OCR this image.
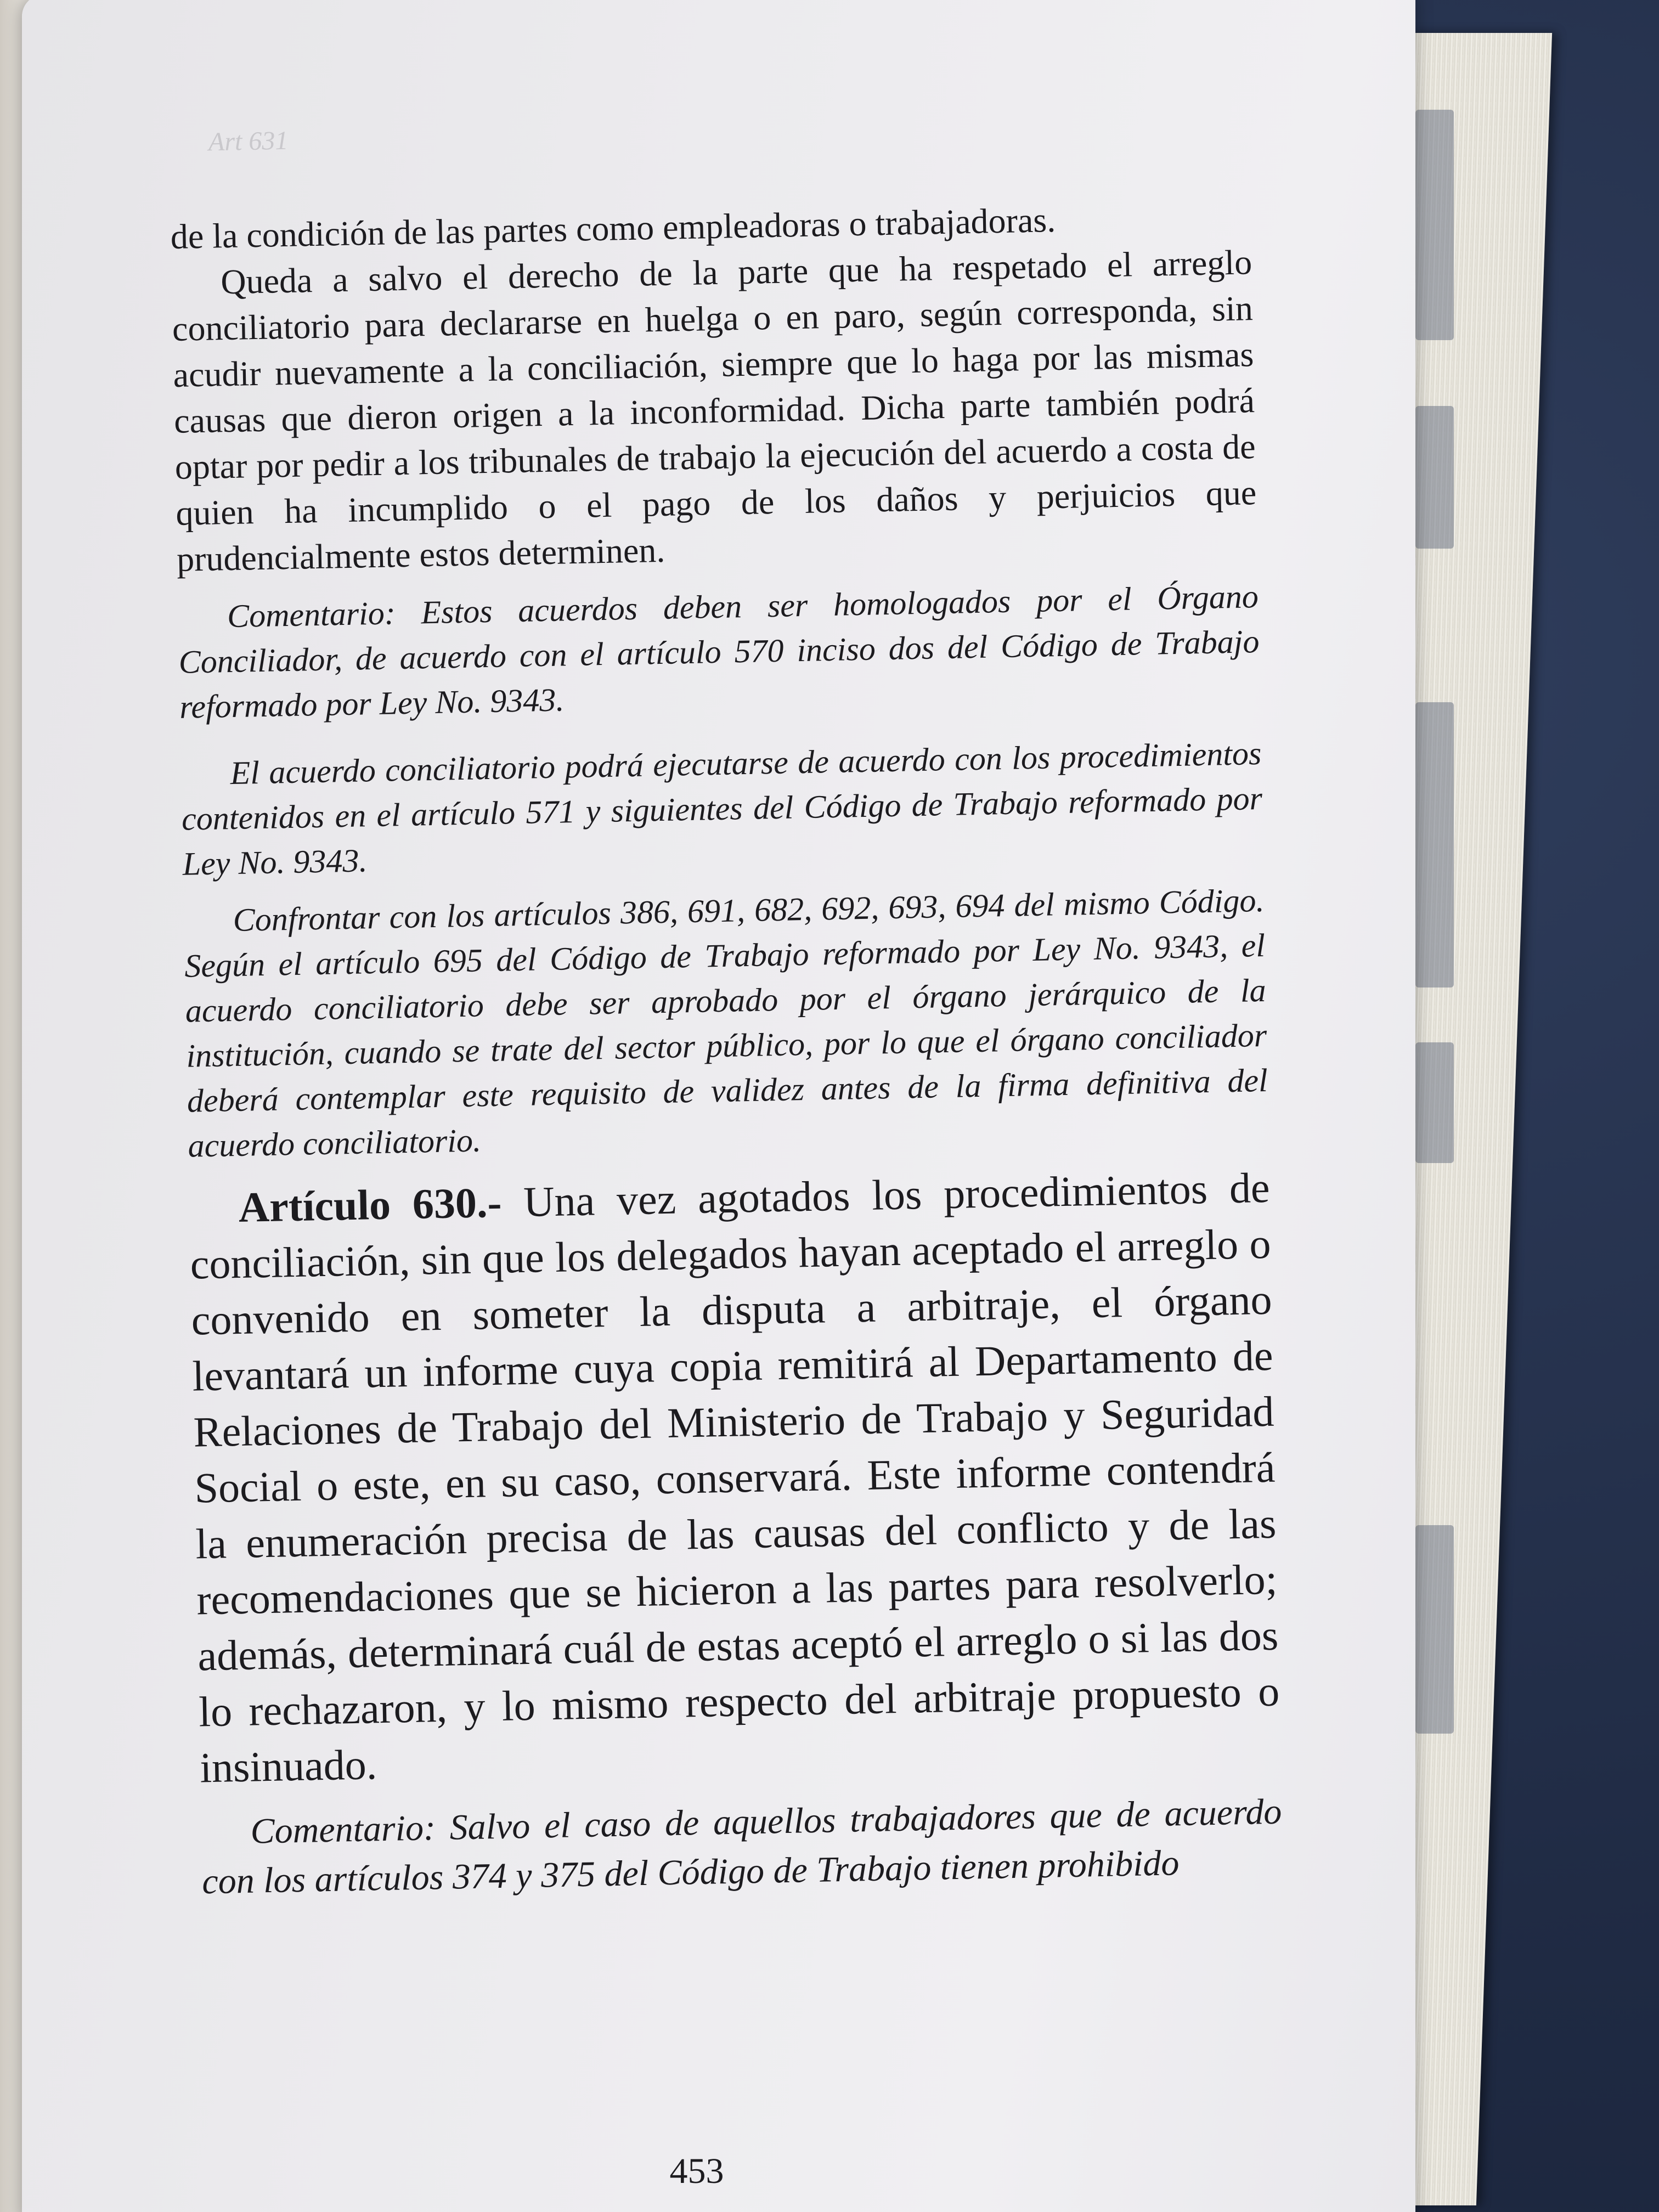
Art 631

de la condición de las partes como empleadoras o trabajadoras.

Queda a salvo el derecho de la parte que ha respetado el arreglo conciliatorio para declararse en huelga o en paro, según corresponda, sin acudir nuevamente a la conciliación, siempre que lo haga por las mismas causas que dieron origen a la inconformidad. Dicha parte también podrá optar por pedir a los tribunales de trabajo la ejecución del acuerdo a costa de quien ha incumplido o el pago de los daños y perjuicios que prudencialmente estos determinen.

Comentario: Estos acuerdos deben ser homologados por el Órgano Conciliador, de acuerdo con el artículo 570 inciso dos del Código de Trabajo reformado por Ley No. 9343.

El acuerdo conciliatorio podrá ejecutarse de acuerdo con los procedimientos contenidos en el artículo 571 y siguientes del Código de Trabajo reformado por Ley No. 9343.

Confrontar con los artículos 386, 691, 682, 692, 693, 694 del mismo Código. Según el artículo 695 del Código de Trabajo reformado por Ley No. 9343, el acuerdo conciliatorio debe ser aprobado por el órgano jerárquico de la institución, cuando se trate del sector público, por lo que el órgano conciliador deberá contemplar este requisito de validez antes de la firma definitiva del acuerdo conciliatorio.

Artículo 630.- Una vez agotados los procedimientos de conciliación, sin que los delegados hayan aceptado el arreglo o convenido en someter la disputa a arbitraje, el órgano levantará un informe cuya copia remitirá al Departamento de Relaciones de Trabajo del Ministerio de Trabajo y Seguridad Social o este, en su caso, conservará. Este informe contendrá la enumeración precisa de las causas del conflicto y de las recomendaciones que se hicieron a las partes para resolverlo; además, determinará cuál de estas aceptó el arreglo o si las dos lo rechazaron, y lo mismo respecto del arbitraje propuesto o insinuado.

Comentario: Salvo el caso de aquellos trabajadores que de acuerdo con los artículos 374 y 375 del Código de Trabajo tienen prohibido

453
